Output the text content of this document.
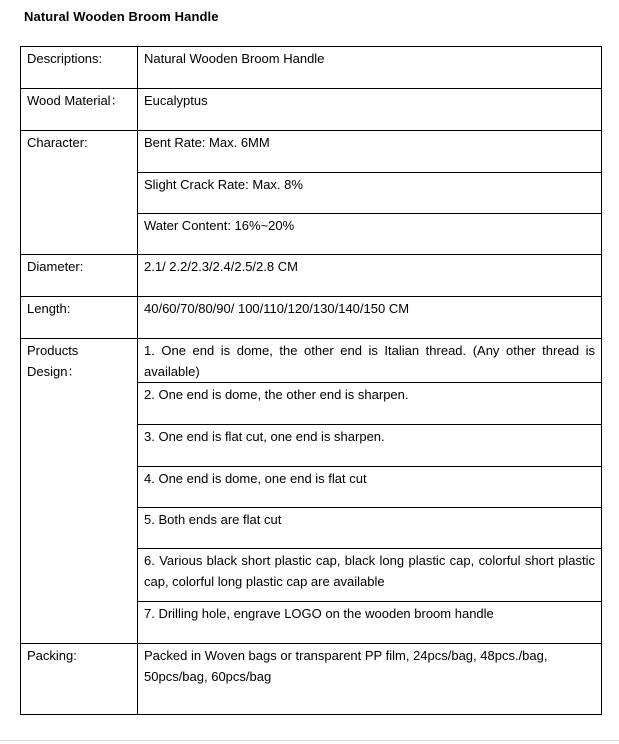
Natural Wooden Broom Handle
Descriptions:	Natural Wooden Broom Handle
Wood Material：	Eucalyptus
Character:	Bent Rate: Max. 6MM
	Slight Crack Rate: Max. 8%
	Water Content: 16%~20%
Diameter:	2.1/ 2.2/2.3/2.4/2.5/2.8 CM
Length:	40/60/70/80/90/ 100/110/120/130/140/150 CM
Products Design：	1. One end is dome, the other end is Italian thread. (Any other thread is available)
	2. One end is dome, the other end is sharpen.
	3. One end is flat cut, one end is sharpen.
	4. One end is dome, one end is flat cut
	5. Both ends are flat cut
	6. Various black short plastic cap, black long plastic cap, colorful short plastic cap, colorful long plastic cap are available
	7. Drilling hole, engrave LOGO on the wooden broom handle
Packing:	Packed in Woven bags or transparent PP film, 24pcs/bag, 48pcs./bag, 50pcs/bag, 60pcs/bag
